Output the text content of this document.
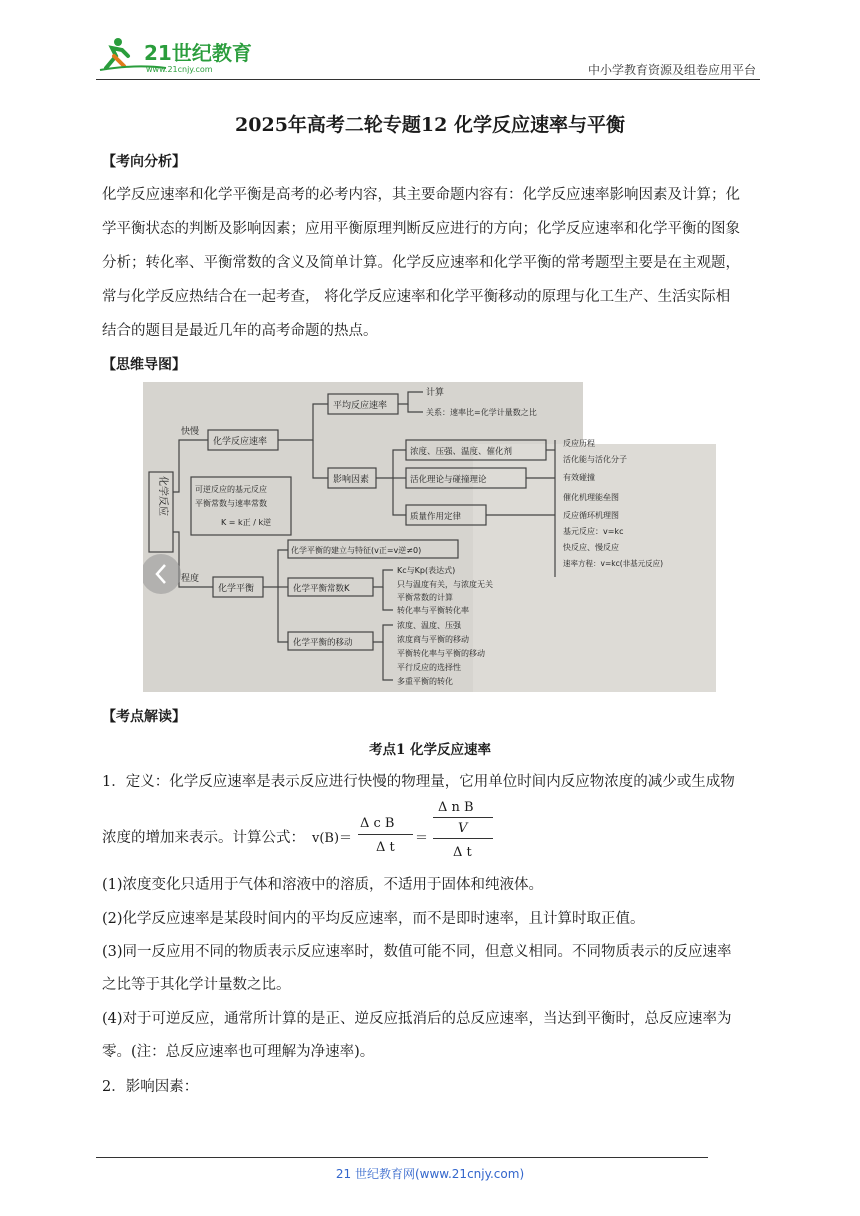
21世纪教育
www.21cnjy.com	中小学教育资源及组卷应用平台
2025年高考二轮专题12 化学反应速率与平衡
【考向分析】

化学反应速率和化学平衡是高考的必考内容，其主要命题内容有：化学反应速率影响因素及计算；化

学平衡状态的判断及影响因素；应用平衡原理判断反应进行的方向；化学反应速率和化学平衡的图象

分析；转化率、平衡常数的含义及简单计算。化学反应速率和化学平衡的常考题型主要是在主观题，

常与化学反应热结合在一起考查， 将化学反应速率和化学平衡移动的原理与化工生产、生活实际相

结合的题目是最近几年的高考命题的热点。

【思维导图】
化学反应
快慢
程度
化学反应速率
平均反应速率
计算
关系：速率比=化学计量数之比
影响因素
浓度、压强、温度、催化剂
活化理论与碰撞理论
质量作用定律
可逆反应的基元反应
平衡常数与速率常数
K = k正 / k逆
反应历程
活化能与活化分子
有效碰撞
催化机理能垒图
反应循环机理图
基元反应：v=kc
快反应、慢反应
速率方程：v=kc(非基元反应)
化学平衡
化学平衡的建立与特征(v正=v逆≠0)
化学平衡常数K
化学平衡的移动
Kc与Kp(表达式)
只与温度有关，与浓度无关
平衡常数的计算
转化率与平衡转化率
浓度、温度、压强
浓度商与平衡的移动
平衡转化率与平衡的移动
平行反应的选择性
多重平衡的转化
【考点解读】
考点1 化学反应速率
1．定义：化学反应速率是表示反应进行快慢的物理量，它用单位时间内反应物浓度的减少或生成物
浓度的增加来表示。计算公式： v(B)＝
Δ c B
Δ t
＝
Δ n B
V
Δ t
(1)浓度变化只适用于气体和溶液中的溶质，不适用于固体和纯液体。
(2)化学反应速率是某段时间内的平均反应速率，而不是即时速率，且计算时取正值。
(3)同一反应用不同的物质表示反应速率时，数值可能不同，但意义相同。不同物质表示的反应速率
之比等于其化学计量数之比。
(4)对于可逆反应，通常所计算的是正、逆反应抵消后的总反应速率，当达到平衡时，总反应速率为
零。(注：总反应速率也可理解为净速率)。
2．影响因素：
21 世纪教育网(www.21cnjy.com)
